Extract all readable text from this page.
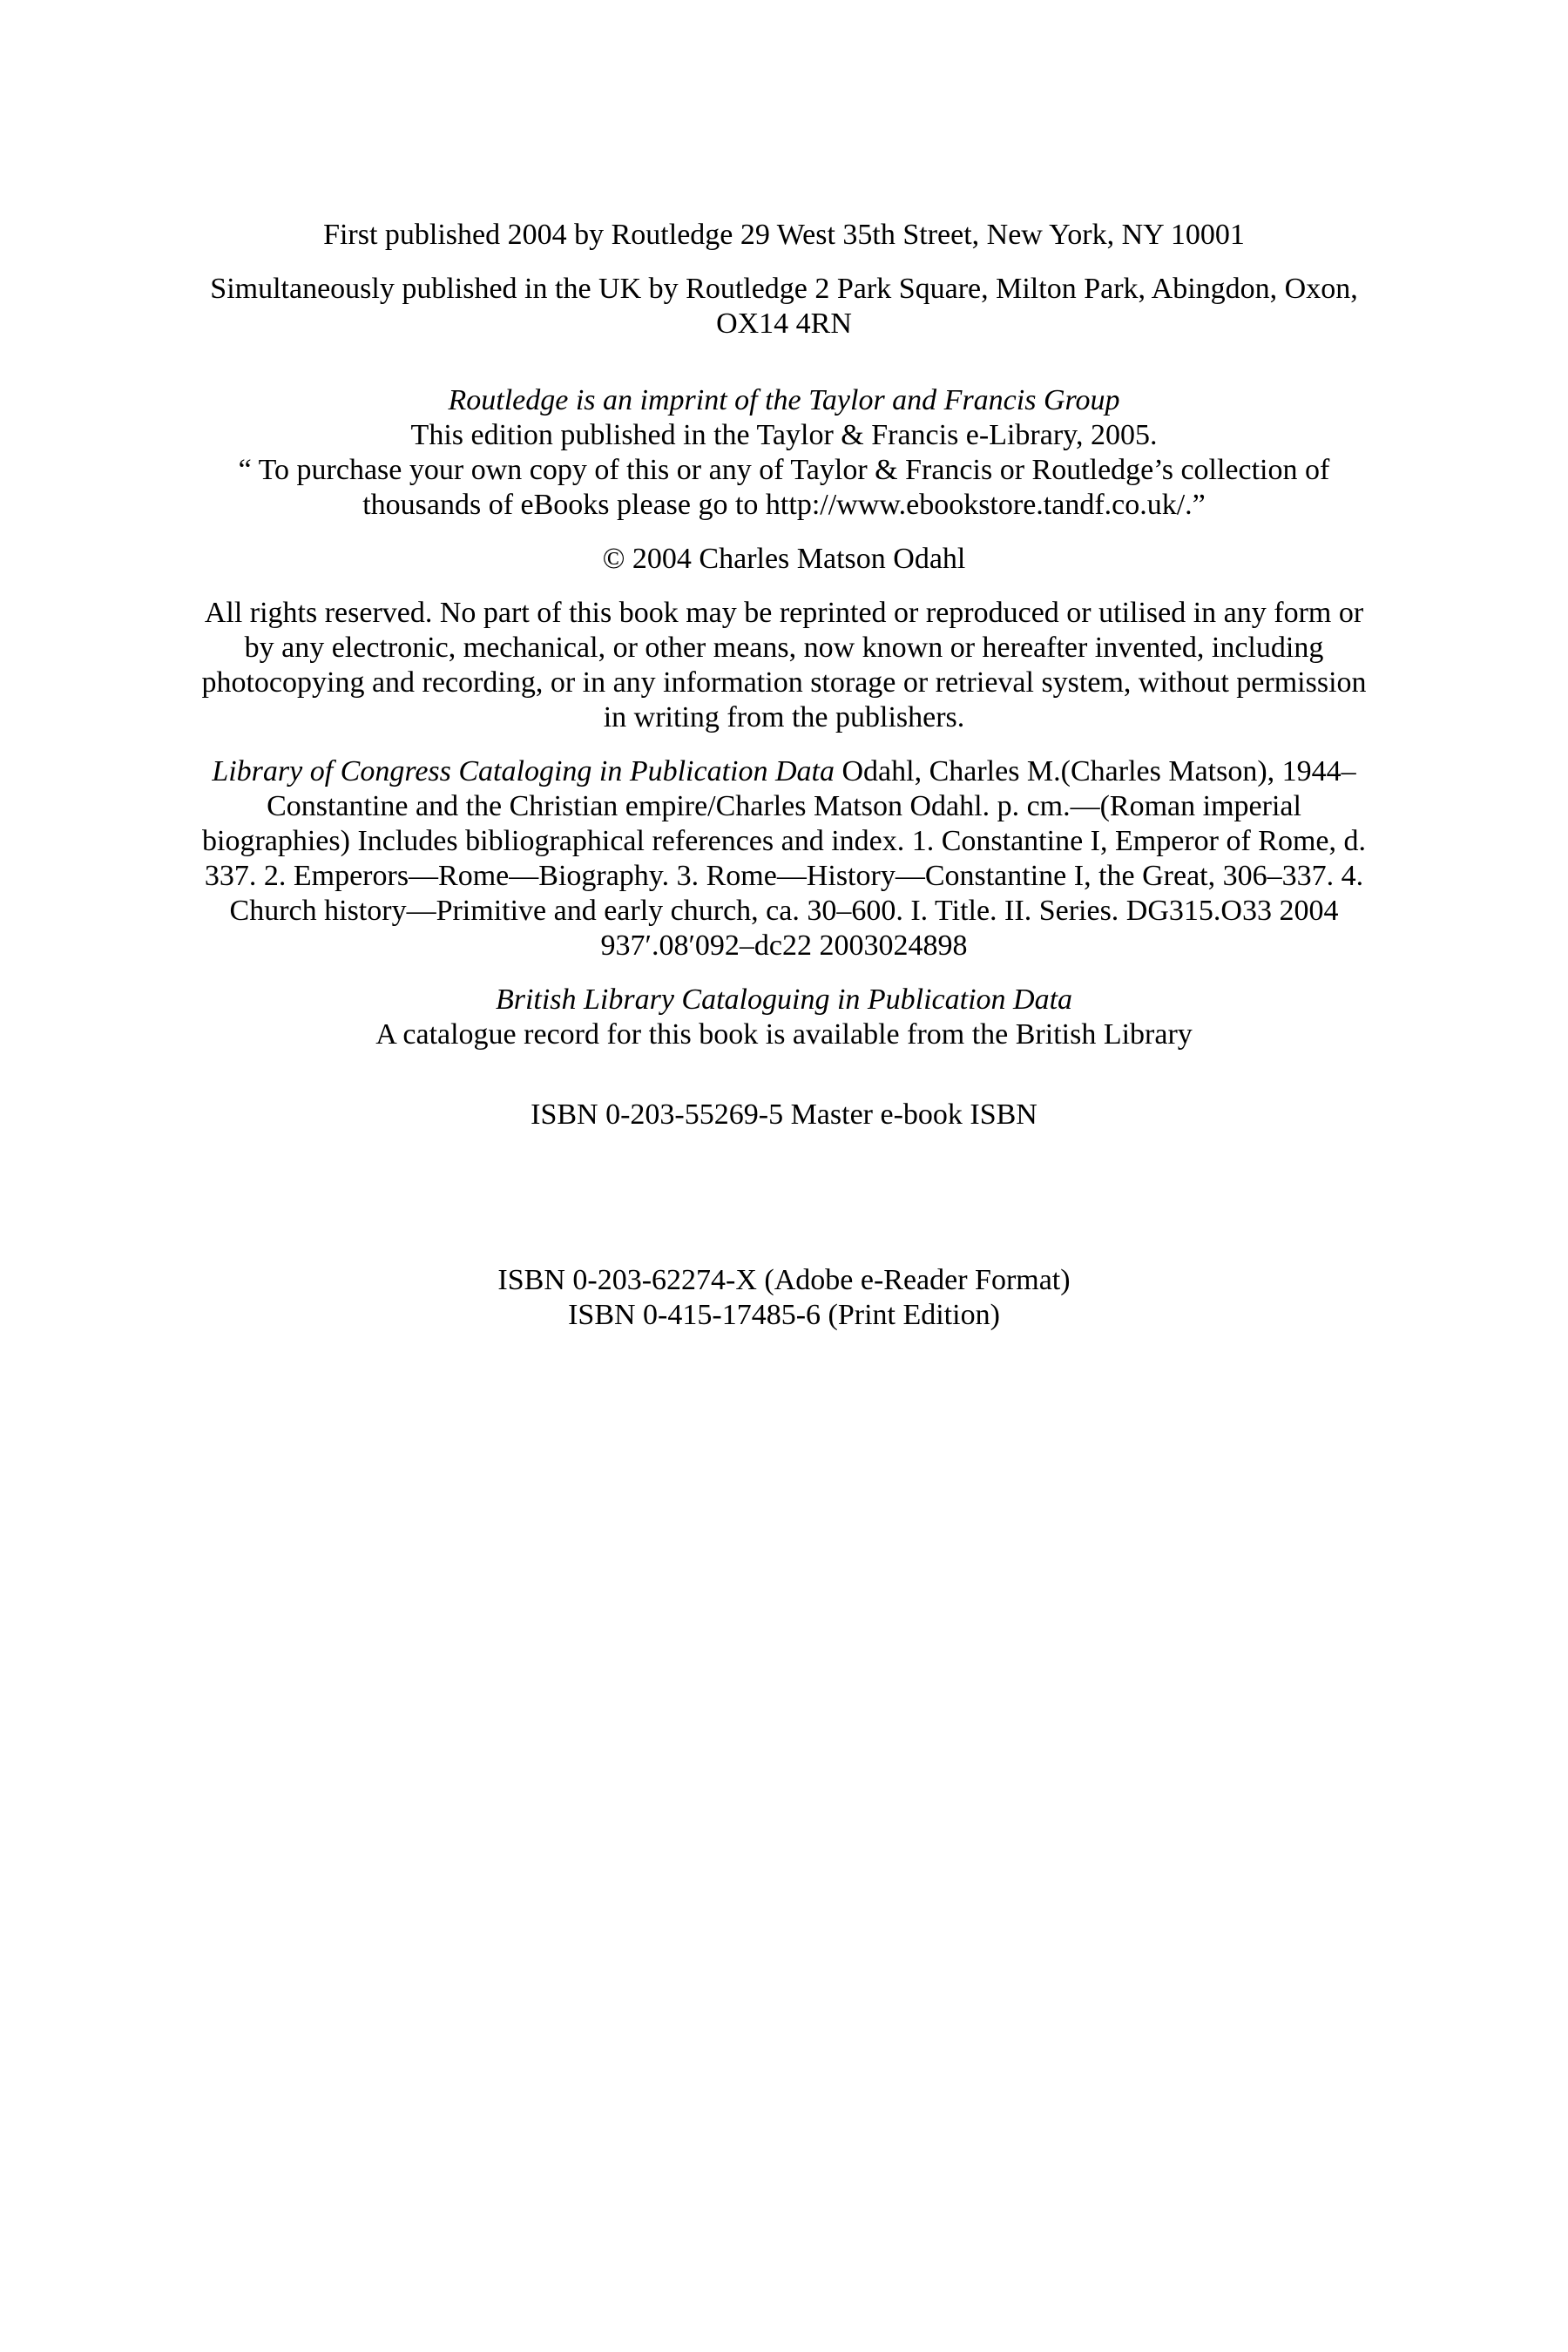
First published 2004 by Routledge 29 West 35th Street, New York, NY 10001

Simultaneously published in the UK by Routledge 2 Park Square, Milton Park, Abingdon, Oxon,
OX14 4RN

Routledge is an imprint of the Taylor and Francis Group
This edition published in the Taylor & Francis e-Library, 2005.
“ To purchase your own copy of this or any of Taylor & Francis or Routledge’s collection of
thousands of eBooks please go to http://www.ebookstore.tandf.co.uk/.”

© 2004 Charles Matson Odahl

All rights reserved. No part of this book may be reprinted or reproduced or utilised in any form or
by any electronic, mechanical, or other means, now known or hereafter invented, including
photocopying and recording, or in any information storage or retrieval system, without permission
in writing from the publishers.

Library of Congress Cataloging in Publication Data Odahl, Charles M.(Charles Matson), 1944–
Constantine and the Christian empire/Charles Matson Odahl. p. cm.—(Roman imperial
biographies) Includes bibliographical references and index. 1. Constantine I, Emperor of Rome, d.
337. 2. Emperors—Rome—Biography. 3. Rome—History—Constantine I, the Great, 306–337. 4.
Church history—Primitive and early church, ca. 30–600. I. Title. II. Series. DG315.O33 2004
937′.08′092–dc22 2003024898

British Library Cataloguing in Publication Data
A catalogue record for this book is available from the British Library

ISBN 0-203-55269-5 Master e-book ISBN

ISBN 0-203-62274-X (Adobe e-Reader Format)
ISBN 0-415-17485-6 (Print Edition)
